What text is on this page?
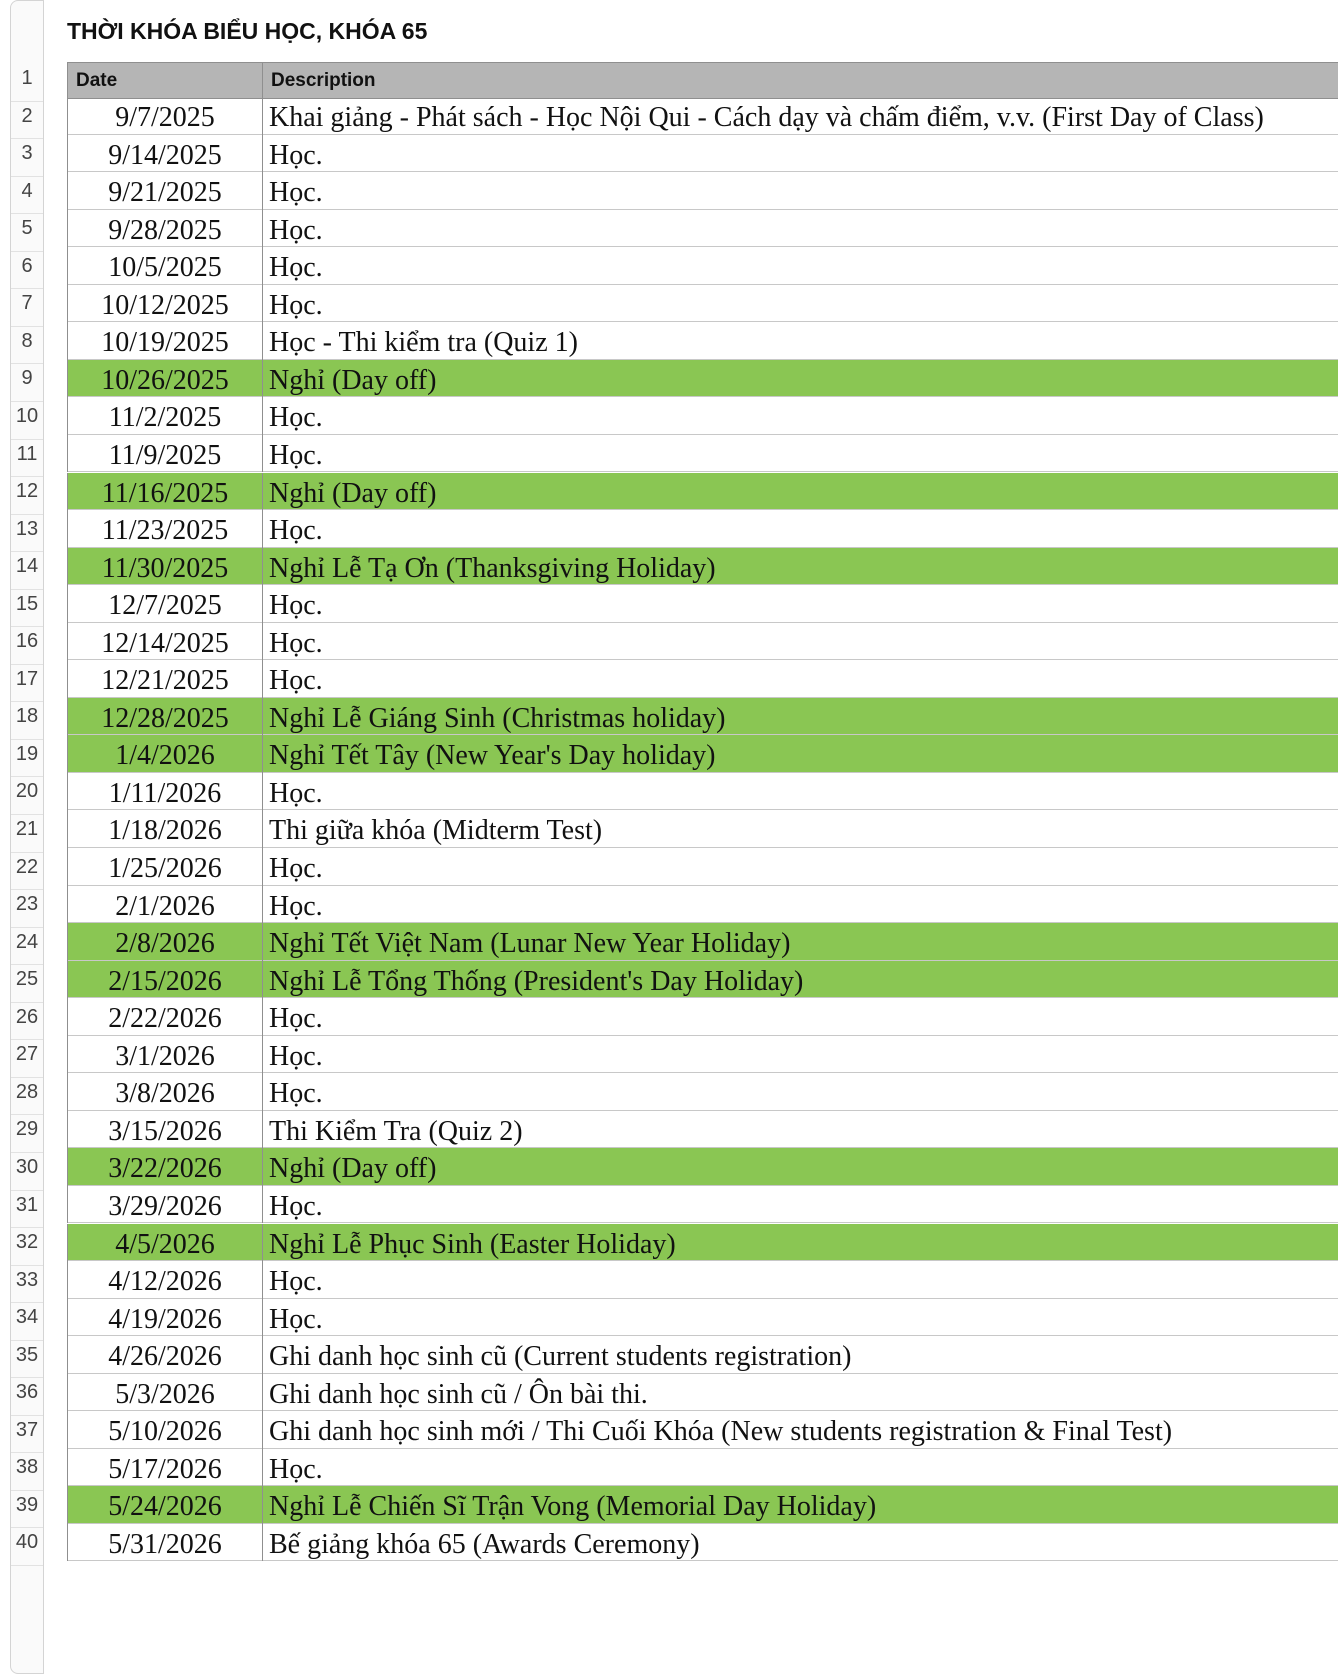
1
2
3
4
5
6
7
8
9
10
11
12
13
14
15
16
17
18
19
20
21
22
23
24
25
26
27
28
29
30
31
32
33
34
35
36
37
38
39
40
THỜI KHÓA BIỂU HỌC, KHÓA 65
Date	Description
9/7/2025	Khai giảng - Phát sách - Học Nội Qui - Cách dạy và chấm điểm, v.v. (First Day of Class)
9/14/2025	Học.
9/21/2025	Học.
9/28/2025	Học.
10/5/2025	Học.
10/12/2025	Học.
10/19/2025	Học - Thi kiểm tra (Quiz 1)
10/26/2025	Nghỉ (Day off)
11/2/2025	Học.
11/9/2025	Học.
11/16/2025	Nghỉ (Day off)
11/23/2025	Học.
11/30/2025	Nghỉ Lễ Tạ Ơn (Thanksgiving Holiday)
12/7/2025	Học.
12/14/2025	Học.
12/21/2025	Học.
12/28/2025	Nghỉ Lễ Giáng Sinh (Christmas holiday)
1/4/2026	Nghỉ Tết Tây (New Year's Day holiday)
1/11/2026	Học.
1/18/2026	Thi giữa khóa (Midterm Test)
1/25/2026	Học.
2/1/2026	Học.
2/8/2026	Nghỉ Tết Việt Nam (Lunar New Year Holiday)
2/15/2026	Nghỉ Lễ Tổng Thống (President's Day Holiday)
2/22/2026	Học.
3/1/2026	Học.
3/8/2026	Học.
3/15/2026	Thi Kiểm Tra (Quiz 2)
3/22/2026	Nghỉ (Day off)
3/29/2026	Học.
4/5/2026	Nghỉ Lễ Phục Sinh (Easter Holiday)
4/12/2026	Học.
4/19/2026	Học.
4/26/2026	Ghi danh học sinh cũ (Current students registration)
5/3/2026	Ghi danh học sinh cũ / Ôn bài thi.
5/10/2026	Ghi danh học sinh mới / Thi Cuối Khóa (New students registration & Final Test)
5/17/2026	Học.
5/24/2026	Nghỉ Lễ Chiến Sĩ Trận Vong (Memorial Day Holiday)
5/31/2026	Bế giảng khóa 65 (Awards Ceremony)
